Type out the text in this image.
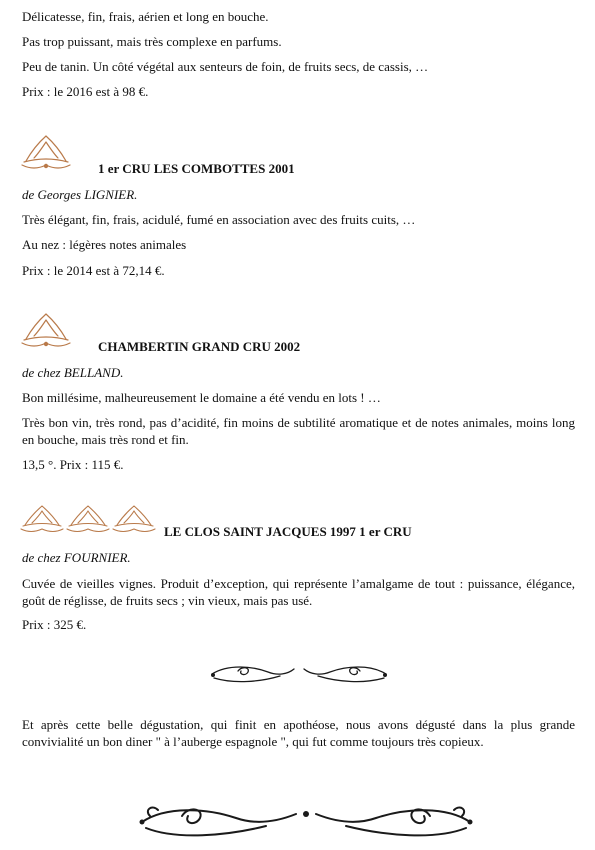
Délicatesse, fin, frais, aérien et long en bouche.

Pas trop puissant, mais très complexe en parfums.

Peu de tanin. Un côté végétal aux senteurs de foin, de fruits secs, de cassis, …

Prix : le 2016 est à 98 €.

1 er CRU LES COMBOTTES 2001

de Georges LIGNIER.

Très élégant, fin, frais, acidulé, fumé en association avec des fruits cuits, …

Au nez : légères notes animales

Prix : le 2014 est à 72,14 €.

CHAMBERTIN GRAND CRU 2002

de chez BELLAND.

Bon millésime, malheureusement le domaine a été vendu en lots ! …

Très bon vin, très rond, pas d’acidité, fin moins de subtilité aromatique et de notes animales, moins long en bouche, mais très rond et fin.

13,5 °. Prix : 115 €.

LE CLOS SAINT JACQUES 1997 1 er CRU

de chez FOURNIER.

Cuvée de vieilles vignes. Produit d’exception, qui représente l’amalgame de tout : puissance, élégance, goût de réglisse, de fruits secs ; vin vieux, mais pas usé.

Prix : 325 €.

Et après cette belle dégustation, qui finit en apothéose, nous avons dégusté dans la plus grande convivialité un bon diner " à l’auberge espagnole ", qui fut comme toujours très copieux.
